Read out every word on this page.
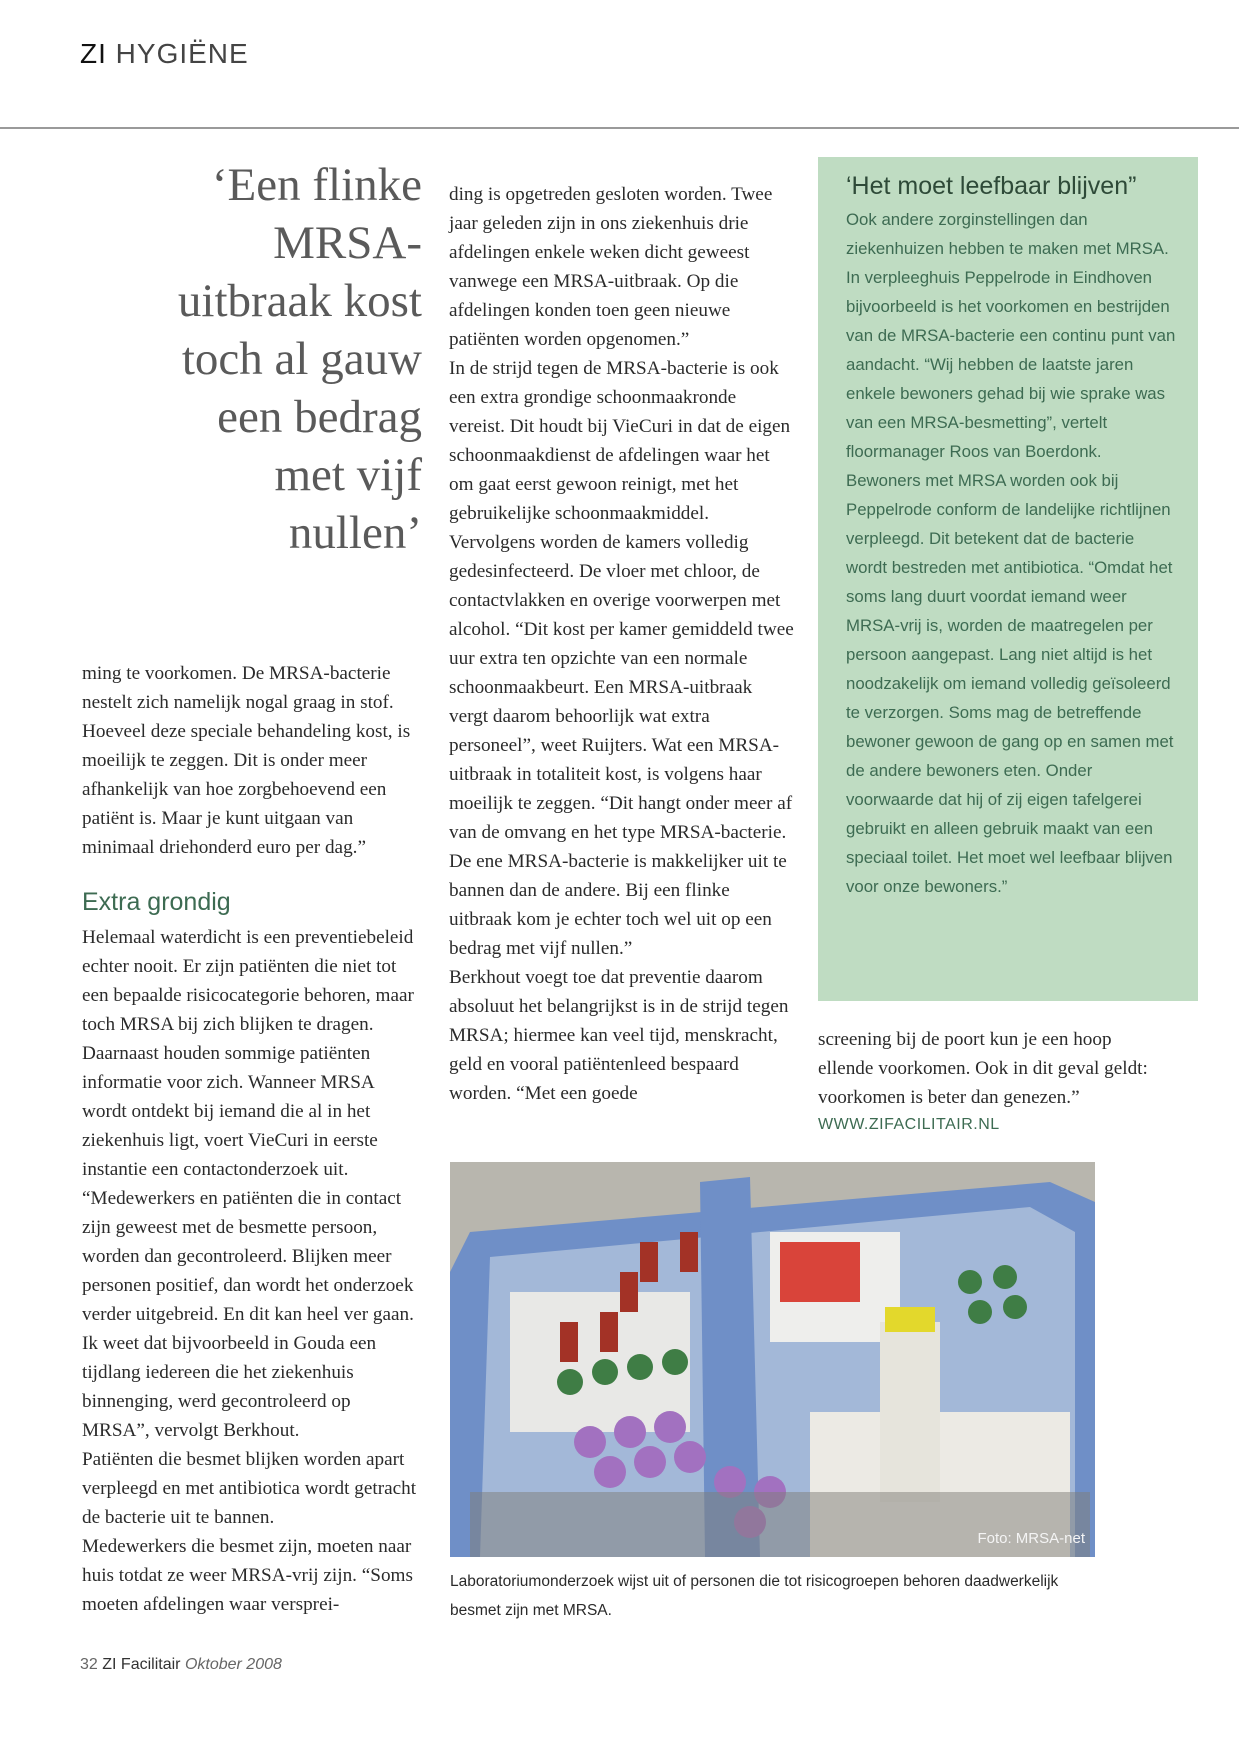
ZI HYGIËNE
‘Een flinke MRSA-uitbraak kost toch al gauw een bedrag met vijf nullen’

ming te voorkomen. De MRSA-bacterie nestelt zich namelijk nogal graag in stof. Hoeveel deze speciale behandeling kost, is moeilijk te zeggen. Dit is onder meer afhankelijk van hoe zorgbehoevend een patiënt is. Maar je kunt uitgaan van minimaal driehonderd euro per dag.”

Extra grondig

Helemaal waterdicht is een preventiebeleid echter nooit. Er zijn patiënten die niet tot een bepaalde risicocategorie behoren, maar toch MRSA bij zich blijken te dragen. Daarnaast houden sommige patiënten informatie voor zich. Wanneer MRSA wordt ontdekt bij iemand die al in het ziekenhuis ligt, voert VieCuri in eerste instantie een contactonderzoek uit. “Medewerkers en patiënten die in contact zijn geweest met de besmette persoon, worden dan gecontroleerd. Blijken meer personen positief, dan wordt het onderzoek verder uitgebreid. En dit kan heel ver gaan. Ik weet dat bijvoorbeeld in Gouda een tijdlang iedereen die het ziekenhuis binnenging, werd gecontroleerd op MRSA”, vervolgt Berkhout.

Patiënten die besmet blijken worden apart verpleegd en met antibiotica wordt getracht de bacterie uit te bannen.

Medewerkers die besmet zijn, moeten naar huis totdat ze weer MRSA-vrij zijn. “Soms moeten afdelingen waar versprei-

ding is opgetreden gesloten worden. Twee jaar geleden zijn in ons ziekenhuis drie afdelingen enkele weken dicht geweest vanwege een MRSA-uitbraak. Op die afdelingen konden toen geen nieuwe patiënten worden opgenomen.”

In de strijd tegen de MRSA-bacterie is ook een extra grondige schoonmaakronde vereist. Dit houdt bij VieCuri in dat de eigen schoonmaakdienst de afdelingen waar het om gaat eerst gewoon reinigt, met het gebruikelijke schoonmaakmiddel. Vervolgens worden de kamers volledig gedesinfecteerd. De vloer met chloor, de contactvlakken en overige voorwerpen met alcohol. “Dit kost per kamer gemiddeld twee uur extra ten opzichte van een normale schoonmaakbeurt. Een MRSA-uitbraak vergt daarom behoorlijk wat extra personeel”, weet Ruijters. Wat een MRSA-uitbraak in totaliteit kost, is volgens haar moeilijk te zeggen. “Dit hangt onder meer af van de omvang en het type MRSA-bacterie. De ene MRSA-bacterie is makkelijker uit te bannen dan de andere. Bij een flinke uitbraak kom je echter toch wel uit op een bedrag met vijf nullen.”

Berkhout voegt toe dat preventie daarom absoluut het belangrijkst is in de strijd tegen MRSA; hiermee kan veel tijd, menskracht, geld en vooral patiëntenleed bespaard worden. “Met een goede

‘Het moet leefbaar blijven”

Ook andere zorginstellingen dan ziekenhuizen hebben te maken met MRSA. In verpleeghuis Peppelrode in Eindhoven bijvoorbeeld is het voorkomen en bestrijden van de MRSA-bacterie een continu punt van aandacht. “Wij hebben de laatste jaren enkele bewoners gehad bij wie sprake was van een MRSA-besmetting”, vertelt floormanager Roos van Boerdonk.

Bewoners met MRSA worden ook bij Peppelrode conform de landelijke richtlijnen verpleegd. Dit betekent dat de bacterie wordt bestreden met antibiotica. “Omdat het soms lang duurt voordat iemand weer MRSA-vrij is, worden de maatregelen per persoon aangepast. Lang niet altijd is het noodzakelijk om iemand volledig geïsoleerd te verzorgen. Soms mag de betreffende bewoner gewoon de gang op en samen met de andere bewoners eten. Onder voorwaarde dat hij of zij eigen tafelgerei gebruikt en alleen gebruik maakt van een speciaal toilet. Het moet wel leefbaar blijven voor onze bewoners.”

screening bij de poort kun je een hoop ellende voorkomen. Ook in dit geval geldt: voorkomen is beter dan genezen.”

WWW.ZIFACILITAIR.NL
Foto: MRSA-net
Laboratoriumonderzoek wijst uit of personen die tot risicogroepen behoren daadwerkelijk besmet zijn met MRSA.
32 ZI Facilitair Oktober 2008
